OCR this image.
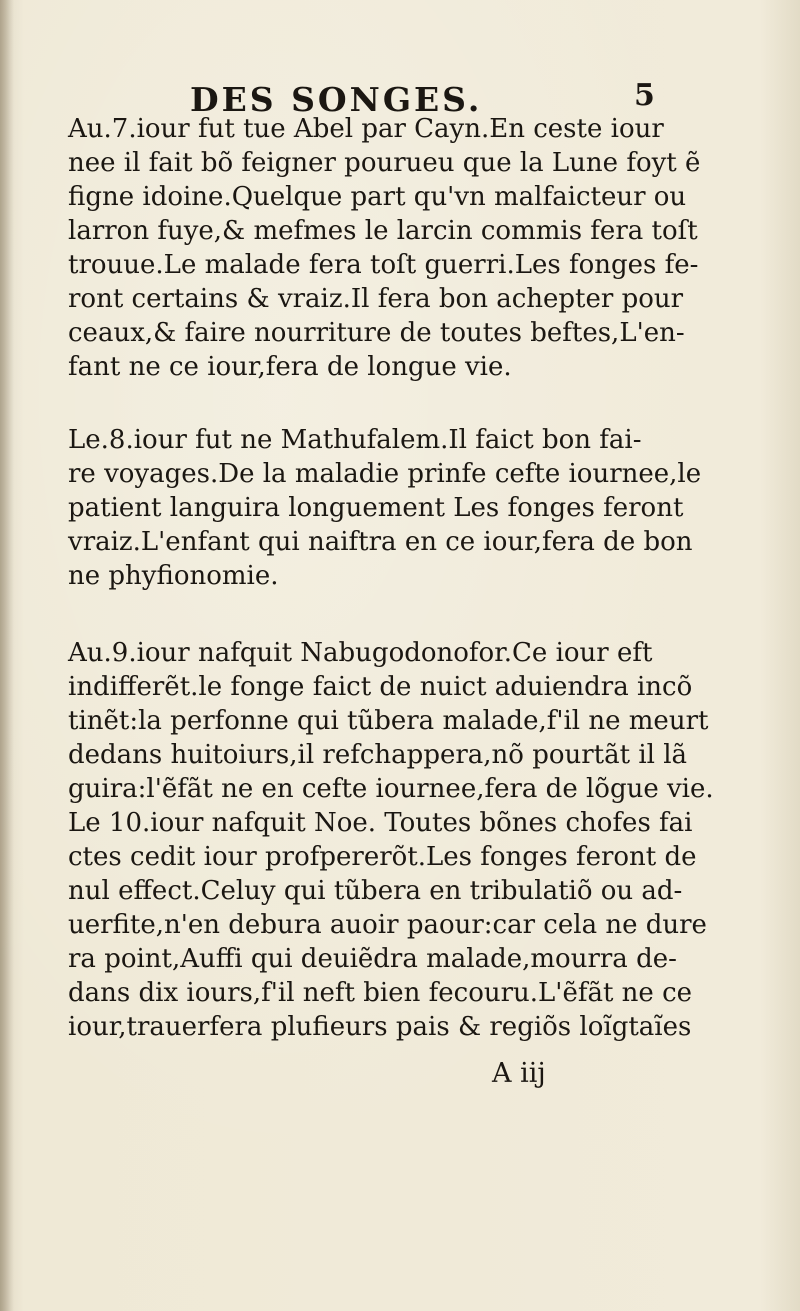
DES SONGES.	5
Au.7.iour fut tue Abel par Cayn.En ceste iour
nee il fait bõ feigner pourueu que la Lune foyt ẽ
figne idoine.Quelque part qu'vn malfaicteur ou
larron fuye,& mefmes le larcin commis fera toſt
trouue.Le malade fera toſt guerri.Les fonges fe-
ront certains & vraiz.Il fera bon achepter pour
ceaux,& faire nourriture de toutes beftes,L'en-
fant ne ce iour,fera de longue vie.
Le.8.iour fut ne Mathufalem.Il faict bon fai-
re voyages.De la maladie prinfe cefte iournee,le
patient languira longuement Les fonges feront
vraiz.L'enfant qui naiftra en ce iour,fera de bon
ne phyfionomie.
Au.9.iour nafquit Nabugodonofor.Ce iour eft
indifferẽt.le fonge faict de nuict aduiendra incõ
tinẽt:la perfonne qui tũbera malade,f'il ne meurt
dedans huitoiurs,il refchappera,nõ pourtãt il lã
guira:l'ẽfãt ne en cefte iournee,fera de lõgue vie.
Le 10.iour nafquit Noe. Toutes bõnes chofes fai
ctes cedit iour profpererõt.Les fonges feront de
nul effect.Celuy qui tũbera en tribulatiõ ou ad-
uerfite,n'en debura auoir paour:car cela ne dure
ra point,Auffi qui deuiẽdra malade,mourra de-
dans dix iours,f'il neft bien fecouru.L'ẽfãt ne ce
iour,trauerfera plufieurs pais & regiõs loĩgtaĩes
A iij
